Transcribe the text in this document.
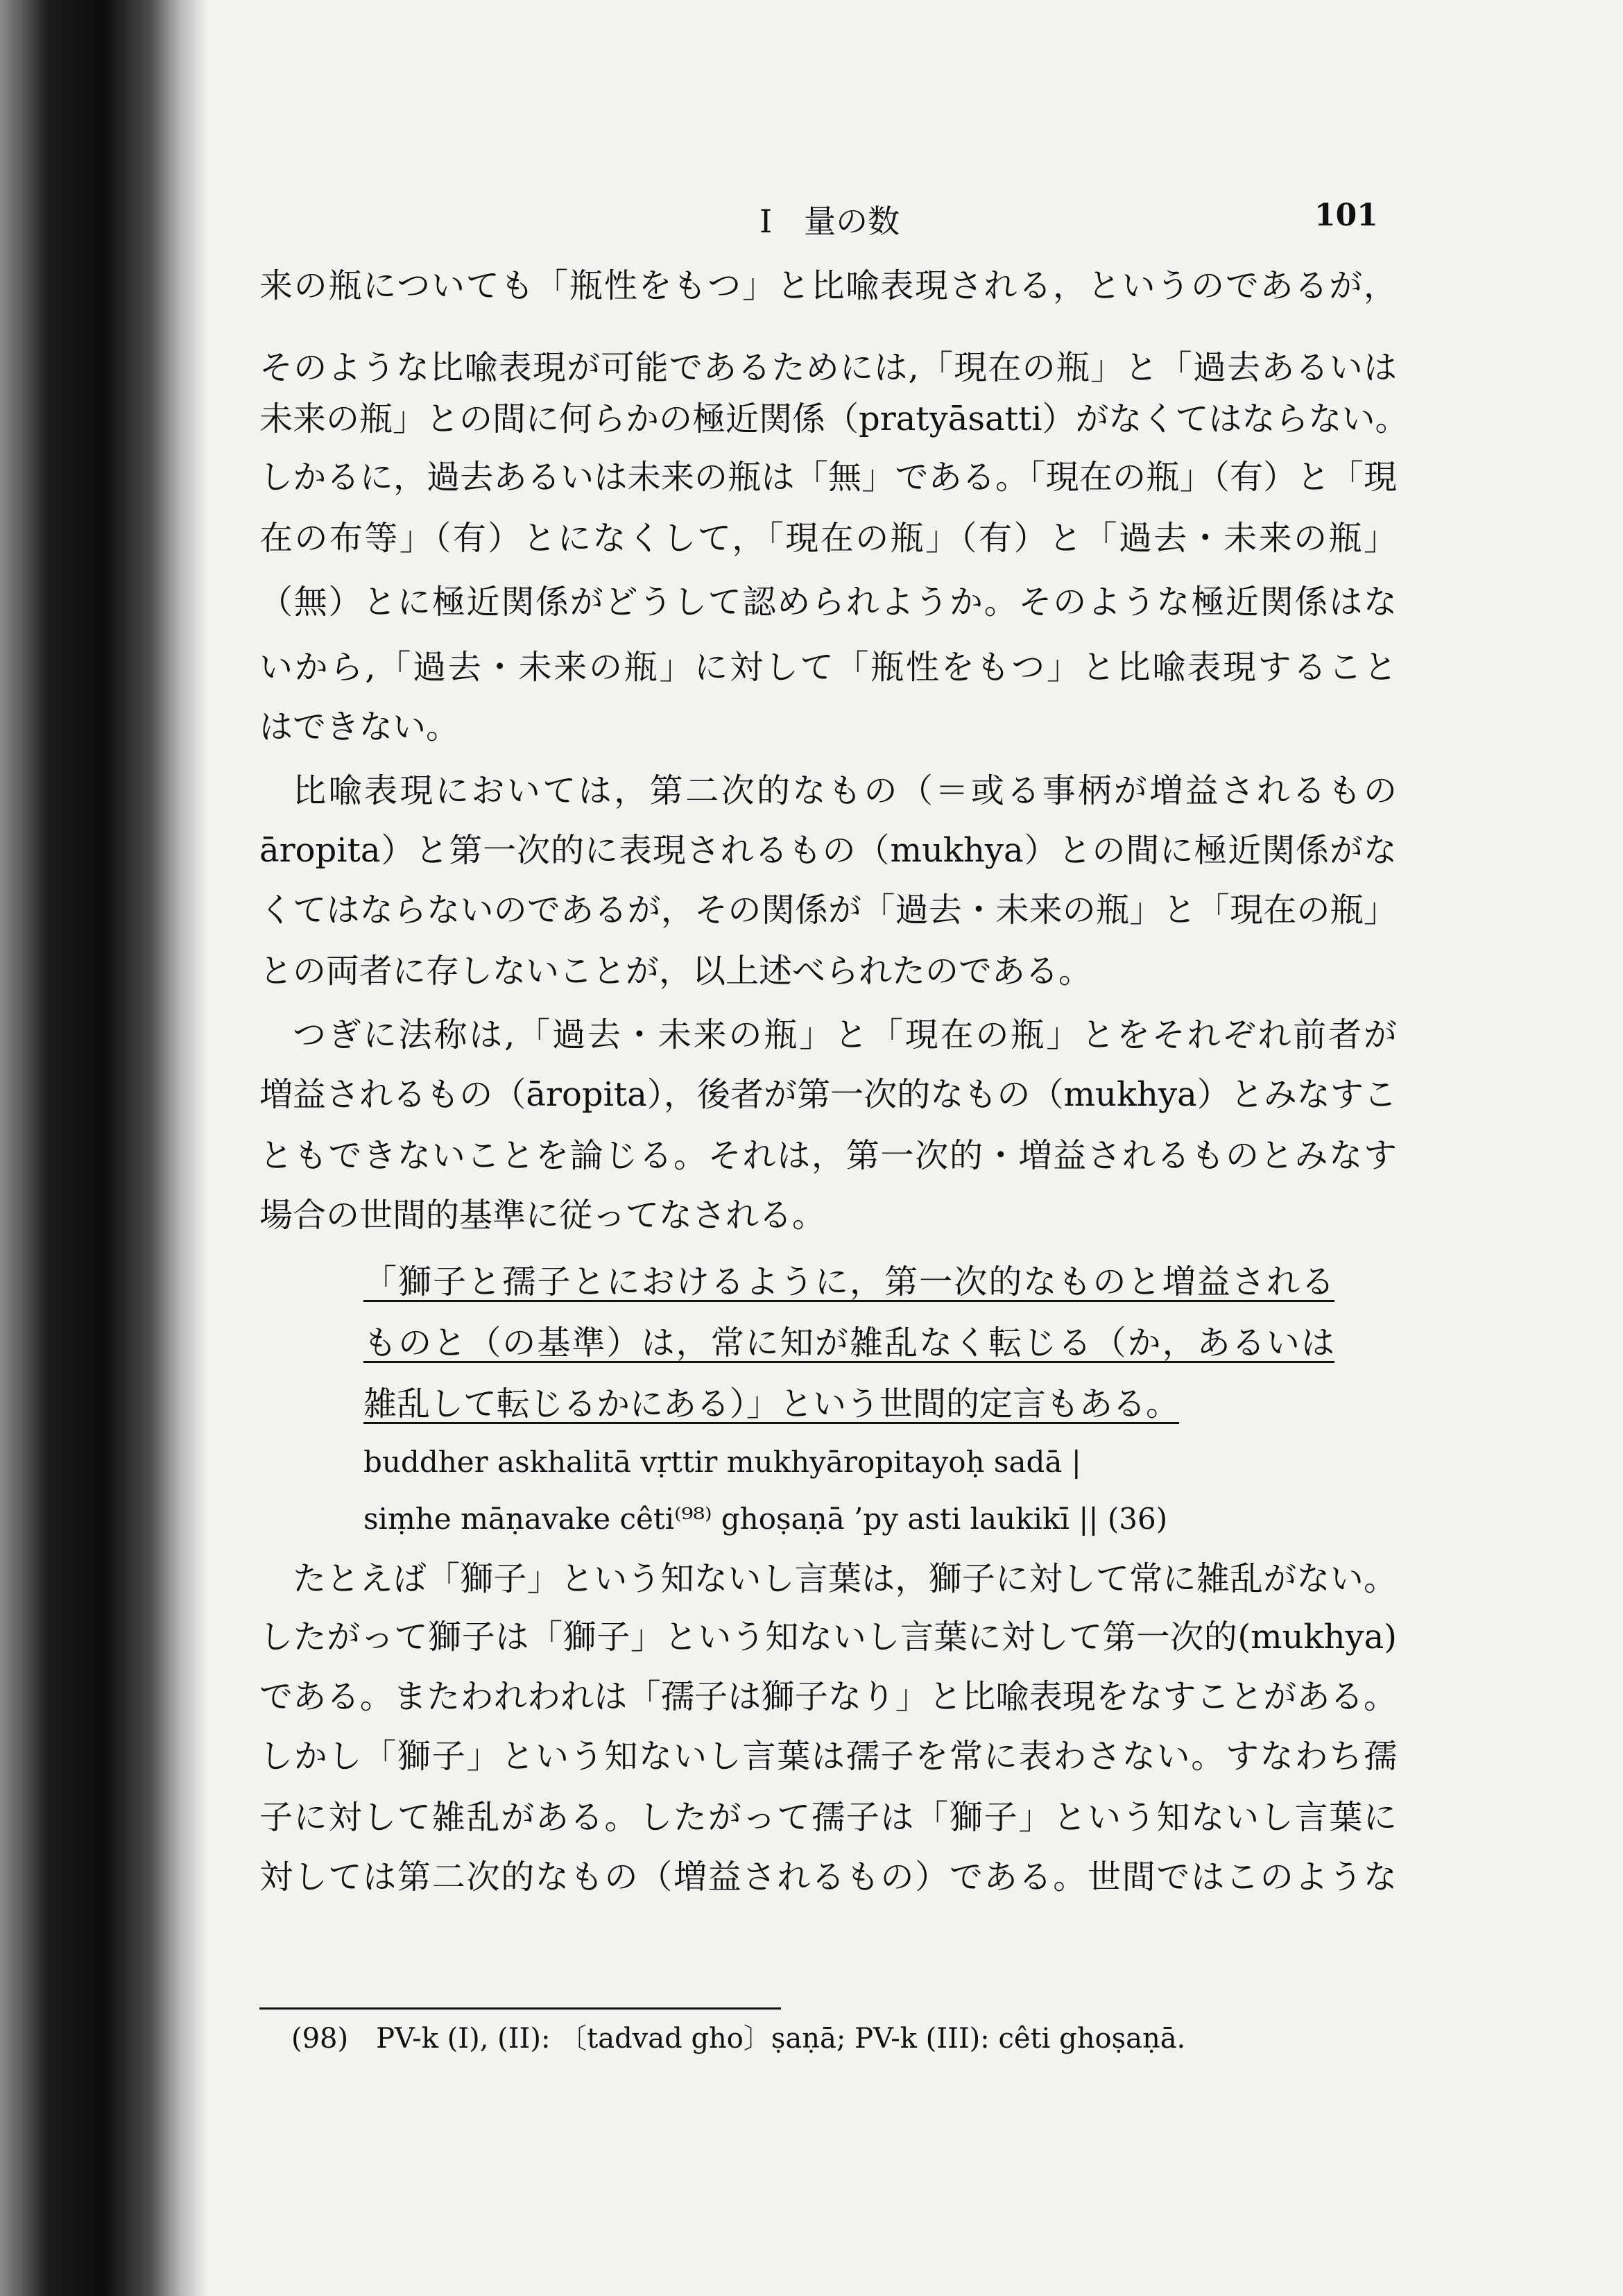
I　量の数	101
来の瓶についても「瓶性をもつ」と比喩表現される，というのであるが，
そのような比喩表現が可能であるためには,「現在の瓶」と「過去あるいは
未来の瓶」との間に何らかの極近関係（pratyāsatti）がなくてはならない。
しかるに，過去あるいは未来の瓶は「無」である。「現在の瓶」（有）と「現
在の布等」（有）とになくして，「現在の瓶」（有）と「過去・未来の瓶」
（無）とに極近関係がどうして認められようか。そのような極近関係はな
いから,「過去・未来の瓶」に対して「瓶性をもつ」と比喩表現すること
はできない。
比喩表現においては，第二次的なもの（＝或る事柄が増益されるもの
āropita）と第一次的に表現されるもの（mukhya）との間に極近関係がな
くてはならないのであるが，その関係が「過去・未来の瓶」と「現在の瓶」
との両者に存しないことが，以上述べられたのである。
つぎに法称は,「過去・未来の瓶」と「現在の瓶」とをそれぞれ前者が
増益されるもの（āropita），後者が第一次的なもの（mukhya）とみなすこ
ともできないことを論じる。それは，第一次的・増益されるものとみなす
場合の世間的基準に従ってなされる。
「獅子と孺子とにおけるように，第一次的なものと増益される
ものと（の基準）は，常に知が雑乱なく転じる（か，あるいは
雑乱して転じるかにある）」という世間的定言もある。
buddher askhalitā vṛttir mukhyāropitayoḥ sadā |
siṃhe māṇavake cêti⁽⁹⁸⁾ ghoṣaṇā ’py asti laukikī || (36)
たとえば「獅子」という知ないし言葉は，獅子に対して常に雑乱がない。
したがって獅子は「獅子」という知ないし言葉に対して第一次的(mukhya)
である。またわれわれは「孺子は獅子なり」と比喩表現をなすことがある。
しかし「獅子」という知ないし言葉は孺子を常に表わさない。すなわち孺
子に対して雑乱がある。したがって孺子は「獅子」という知ないし言葉に
対しては第二次的なもの（増益されるもの）である。世間ではこのような
(98)　PV-k (I), (II): 〔tadvad gho〕ṣaṇā; PV-k (III): cêti ghoṣaṇā.
